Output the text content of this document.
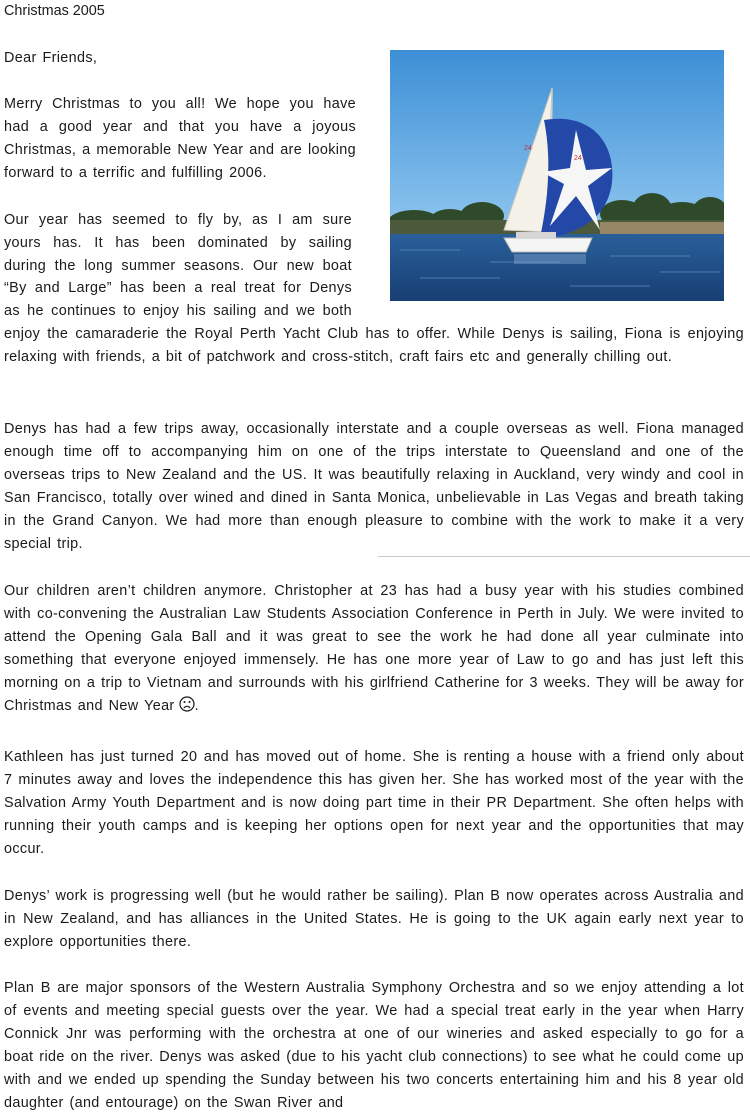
Christmas 2005

Dear Friends,

24
24

Merry Christmas to you all! We hope you have had a good year and that you have a joyous Christmas, a memorable New Year and are looking forward to a terrific and fulfilling 2006.

Our year has seemed to fly by, as I am sure yours has. It has been dominated by sailing during the long summer seasons. Our new boat “By and Large” has been a real treat for Denys as he continues to enjoy his sailing and we both enjoy the camaraderie the Royal Perth Yacht Club has to offer. While Denys is sailing, Fiona is enjoying relaxing with friends, a bit of patchwork and cross-stitch, craft fairs etc and generally chilling out.

Denys has had a few trips away, occasionally interstate and a couple overseas as well. Fiona managed enough time off to accompanying him on one of the trips interstate to Queensland and one of the overseas trips to New Zealand and the US. It was beautifully relaxing in Auckland, very windy and cool in San Francisco, totally over wined and dined in Santa Monica, unbelievable in Las Vegas and breath taking in the Grand Canyon. We had more than enough pleasure to combine with the work to make it a very special trip.

Our children aren’t children anymore. Christopher at 23 has had a busy year with his studies combined with co-convening the Australian Law Students Association Conference in Perth in July. We were invited to attend the Opening Gala Ball and it was great to see the work he had done all year culminate into something that everyone enjoyed immensely. He has one more year of Law to go and has just left this morning on a trip to Vietnam and surrounds with his girlfriend Catherine for 3 weeks. They will be away for Christmas and New Year .

Kathleen has just turned 20 and has moved out of home. She is renting a house with a friend only about 7 minutes away and loves the independence this has given her. She has worked most of the year with the Salvation Army Youth Department and is now doing part time in their PR Department. She often helps with running their youth camps and is keeping her options open for next year and the opportunities that may occur.

Denys’ work is progressing well (but he would rather be sailing). Plan B now operates across Australia and in New Zealand, and has alliances in the United States. He is going to the UK again early next year to explore opportunities there.

Plan B are major sponsors of the Western Australia Symphony Orchestra and so we enjoy attending a lot of events and meeting special guests over the year. We had a special treat early in the year when Harry Connick Jnr was performing with the orchestra at one of our wineries and asked especially to go for a boat ride on the river. Denys was asked (due to his yacht club connections) to see what he could come up with and we ended up spending the Sunday between his two concerts entertaining him and his 8 year old daughter (and entourage) on the Swan River and
